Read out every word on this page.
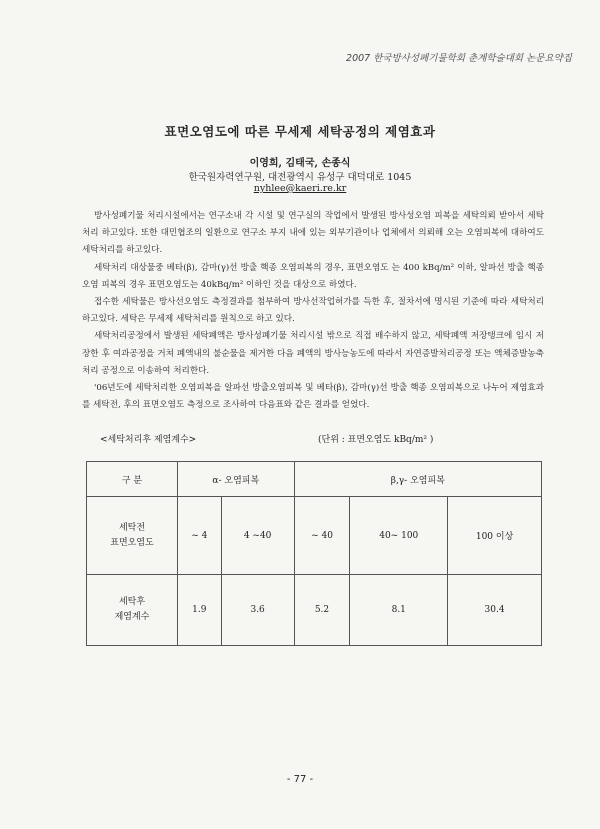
2007 한국방사성폐기물학회 춘계학술대회 논문요약집
표면오염도에 따른 무세제 세탁공정의 제염효과
이영희, 김태국, 손종식
한국원자력연구원, 대전광역시 유성구 대덕대로 1045
nyhlee@kaeri.re.kr

방사성폐기물 처리시설에서는 연구소내 각 시설 및 연구실의 작업에서 발생된 방사성오염 피복을 세탁의뢰 받아서 세탁처리 하고있다. 또한 대민협조의 일환으로 연구소 부지 내에 있는 외부기관이나 업체에서 의뢰해 오는 오염피복에 대하여도 세탁처리를 하고있다.

세탁처리 대상물중 베타(β), 감마(γ)선 방출 핵종 오염피복의 경우, 표면오염도 는 400 kBq/m² 이하, 알파선 방출 핵종오염 피복의 경우 표면오염도는 40kBq/m² 이하인 것을 대상으로 하였다.

접수한 세탁물은 방사선오염도 측정결과를 첨부하여 방사선작업허가를 득한 후, 절차서에 명시된 기준에 따라 세탁처리 하고있다. 세탁은 무세제 세탁처리를 원칙으로 하고 있다.

세탁처리공정에서 발생된 세탁폐액은 방사성폐기물 처리시설 밖으로 직접 배수하지 않고, 세탁폐액 저장탱크에 임시 저장한 후 여과공정을 거쳐 폐액내의 불순물을 제거한 다음 폐액의 방사능농도에 따라서 자연증발처리공정 또는 액체증발농축처리 공정으로 이송하여 처리한다.

'06년도에 세탁처리한 오염피복을 알파선 방출오염피복 및 베타(β), 감마(γ)선 방출 핵종 오염피복으로 나누어 제염효과를 세탁전, 후의 표면오염도 측정으로 조사하여 다음표와 같은 결과를 얻었다.

<세탁처리후 제염계수>	(단위 : 표면오염도 kBq/m² )
구 분	α- 오염피복		β,γ- 오염피복		
세탁전
표면오염도	~ 4	4 ~40	~ 40	40~ 100	100 이상
세탁후
제염계수	1.9	3.6	5.2	8.1	30.4
- 77 -
